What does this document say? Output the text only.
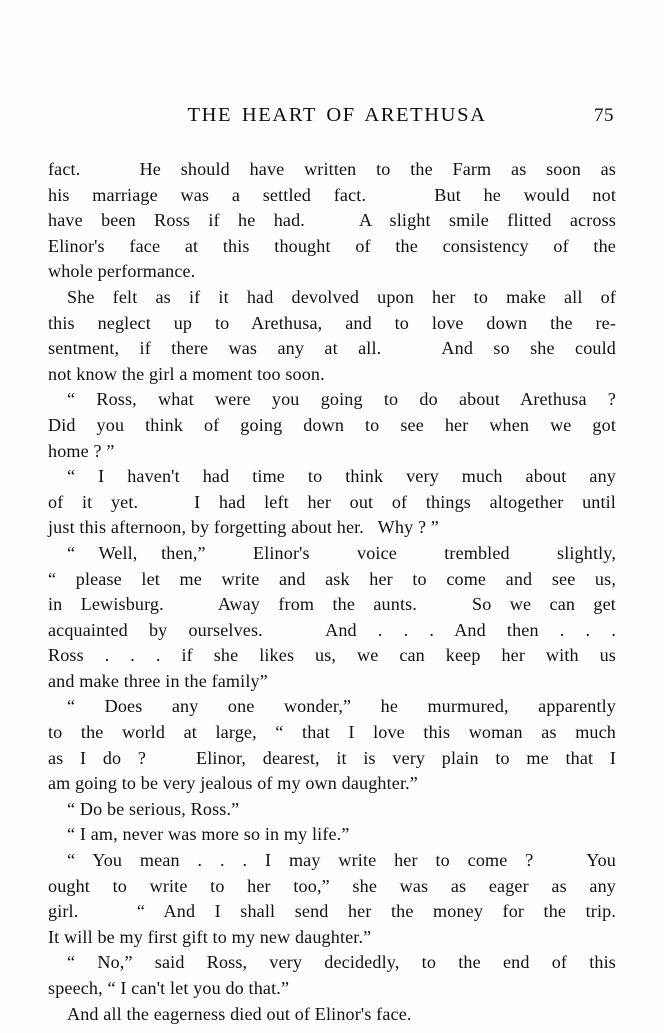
THE HEART OF ARETHUSA	75

fact.   He should have written to the Farm as soon as
his marriage was a settled fact.   But he would not
have been Ross if he had.   A slight smile flitted across
Elinor's face at this thought of the consistency of the
whole performance.

She felt as if it had devolved upon her to make all of
this neglect up to Arethusa, and to love down the re-
sentment, if there was any at all.   And so she could
not know the girl a moment too soon.

“ Ross, what were you going to do about Arethusa ?
Did you think of going down to see her when we got
home ? ”

“ I haven't had time to think very much about any
of it yet.   I had left her out of things altogether until
just this afternoon, by forgetting about her.   Why ? ”

“ Well, then,”  Elinor's  voice  trembled  slightly,
“ please let me write and ask her to come and see us,
in Lewisburg.   Away from the aunts.   So we can get
acquainted by ourselves.   And . . . And then . . .
Ross . . . if she likes us, we can keep her with us
and make three in the family”

“ Does any one wonder,” he murmured, apparently
to the world at large, “ that I love this woman as much
as I do ?   Elinor, dearest, it is very plain to me that I
am going to be very jealous of my own daughter.”

“ Do be serious, Ross.”

“ I am, never was more so in my life.”

“ You mean . . . I may write her to come ?   You
ought to write to her too,” she was as eager as any
girl.   “ And I shall send her the money for the trip.
It will be my first gift to my new daughter.”

“ No,” said Ross, very decidedly, to the end of this
speech, “ I can't let you do that.”

And all the eagerness died out of Elinor's face.
